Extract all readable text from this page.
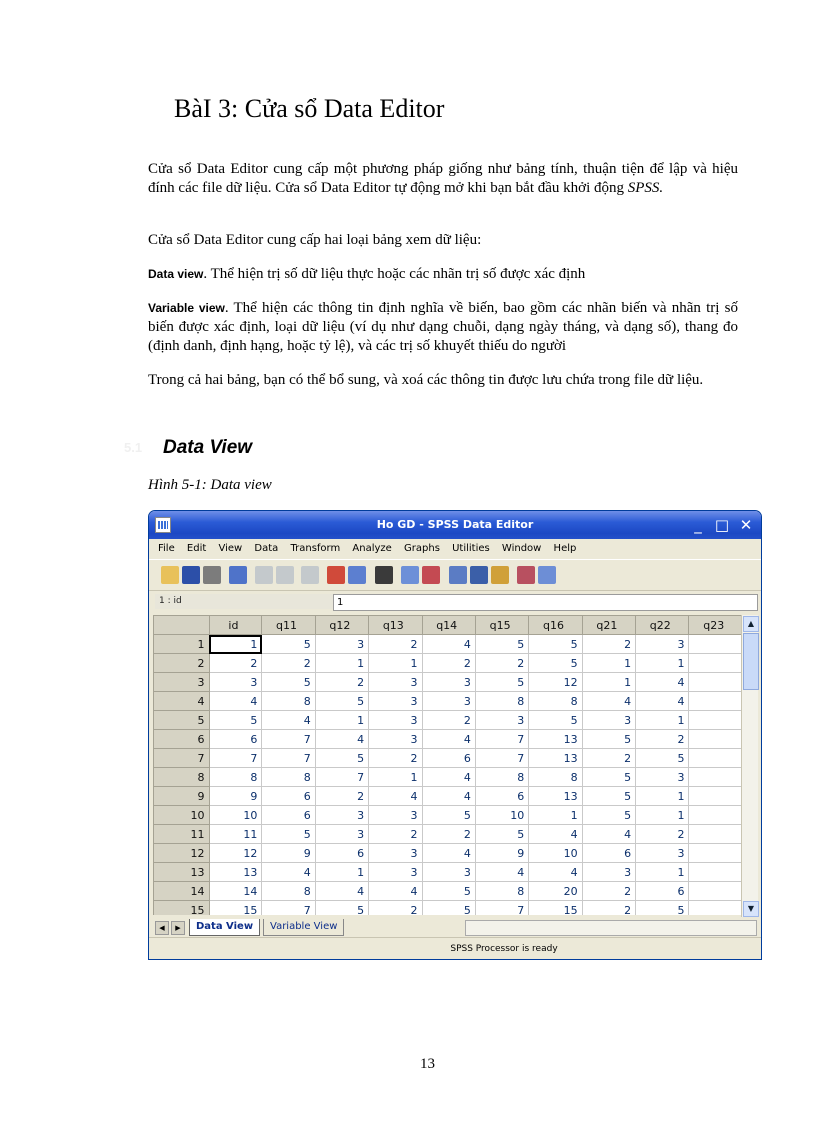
BàI 3: Cửa sổ Data Editor
Cửa sổ Data Editor cung cấp một phương pháp giống như bảng tính, thuận tiện để lập và hiệu đính các file dữ liệu. Cửa sổ Data Editor tự động mở khi bạn bắt đầu khởi động SPSS.
Cửa sổ Data Editor cung cấp hai loại bảng xem dữ liệu:
Data view. Thể hiện trị số dữ liệu thực hoặc các nhãn trị số được xác định
Variable view. Thể hiện các thông tin định nghĩa về biến, bao gồm các nhãn biến và nhãn trị số biến được xác định, loại dữ liệu (ví dụ như dạng chuỗi, dạng ngày tháng, và dạng số), thang đo (định danh, định hạng, hoặc tỷ lệ), và các trị số khuyết thiếu do người
Trong cả hai bảng, bạn có thể bổ sung, và xoá các thông tin được lưu chứa trong file dữ liệu.
5.1 Data View
Hình 5-1: Data view
Ho GD - SPSS Data Editor	_ □ ✕
File Edit View Data Transform Analyze Graphs Utilities Window Help
1 : id	1
	id	q11	q12	q13	q14	q15	q16	q21	q22	q23
1	1	5	3	2	4	5	5	2	3	
2	2	2	1	1	2	2	5	1	1	
3	3	5	2	3	3	5	12	1	4	
4	4	8	5	3	3	8	8	4	4	
5	5	4	1	3	2	3	5	3	1	
6	6	7	4	3	4	7	13	5	2	
7	7	7	5	2	6	7	13	2	5	
8	8	8	7	1	4	8	8	5	3	
9	9	6	2	4	4	6	13	5	1	
10	10	6	3	3	5	10	1	5	1	
11	11	5	3	2	2	5	4	4	2	
12	12	9	6	3	4	9	10	6	3	
13	13	4	1	3	3	4	4	3	1	
14	14	8	4	4	5	8	20	2	6	
15	15	7	5	2	5	7	15	2	5	
▲
▼
◀	▶	Data View	Variable View
SPSS Processor is ready
13
